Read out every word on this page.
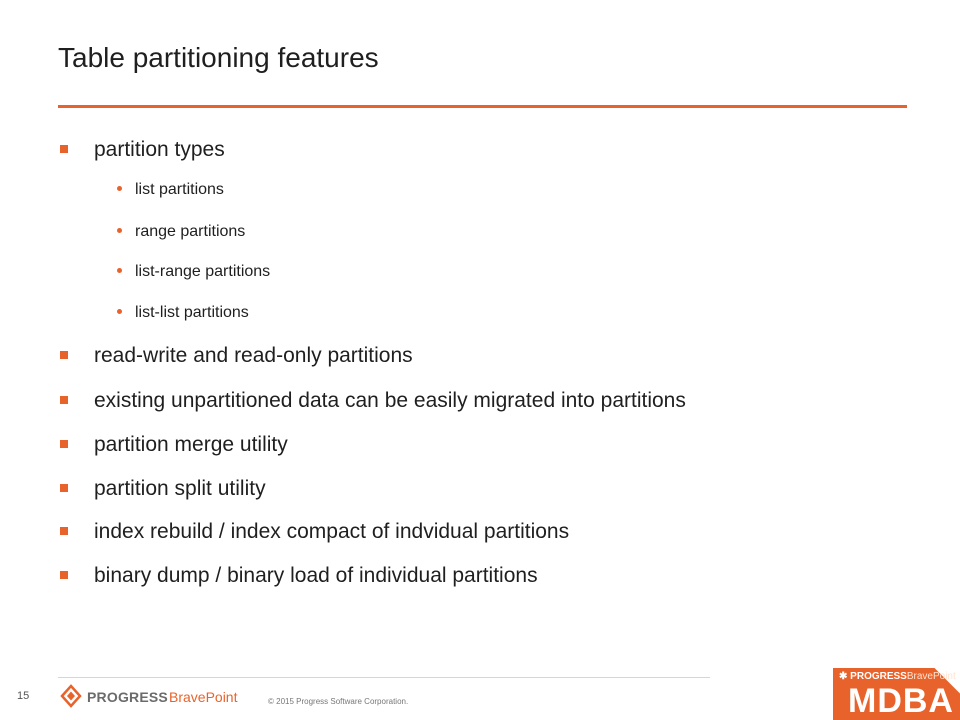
Table partitioning features
partition types
list partitions
range partitions
list-range partitions
list-list partitions
read-write and read-only partitions
existing unpartitioned data can be easily migrated into partitions
partition merge utility
partition split utility
index rebuild / index compact of indvidual partitions
binary dump / binary load of individual partitions
15	PROGRESS BravePoint	© 2015 Progress Software Corporation.
✱ PROGRESSBravePoint
MDBA
